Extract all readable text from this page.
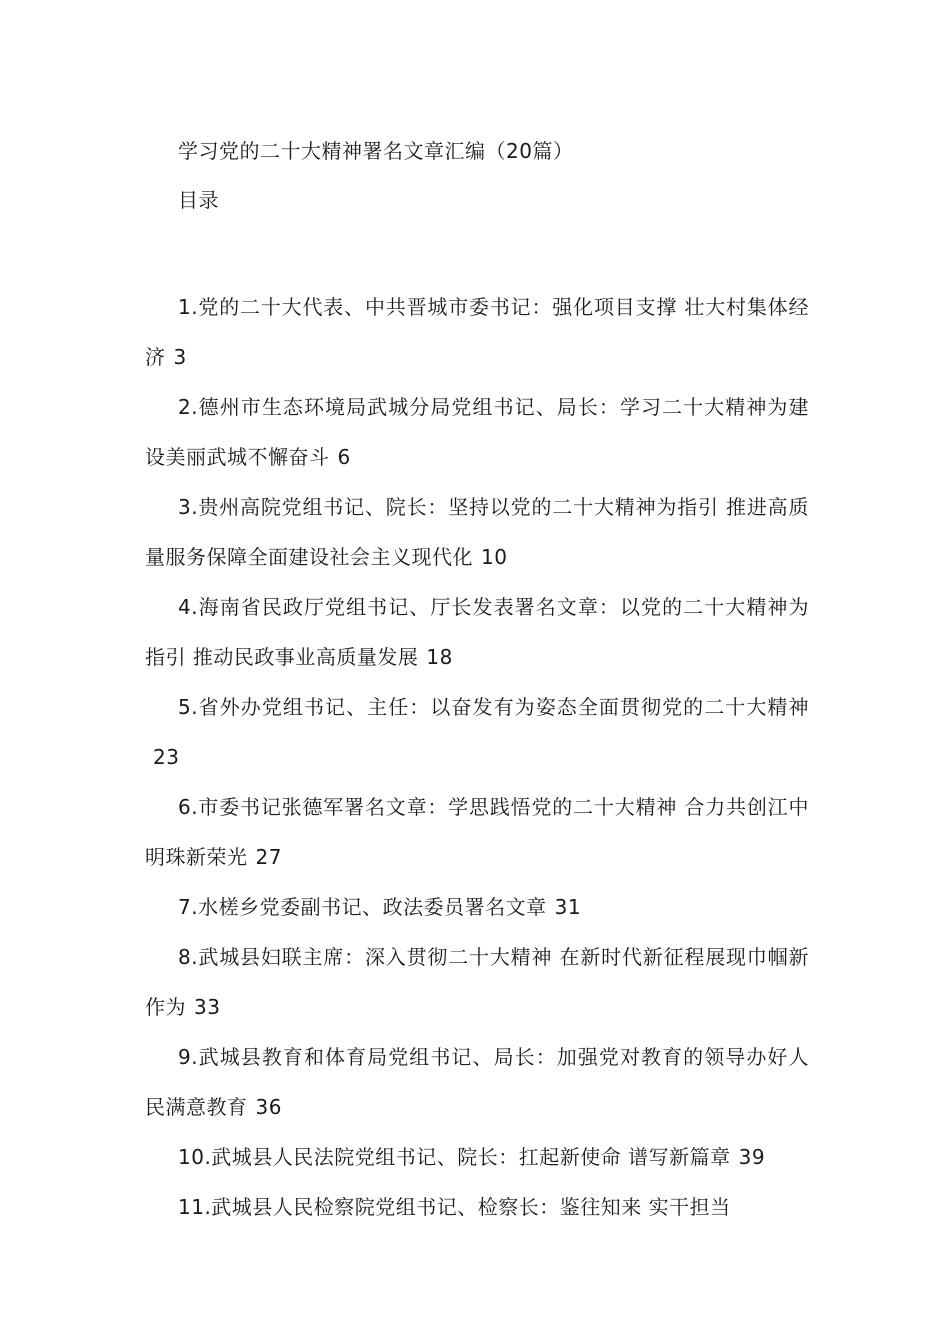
学习党的二十大精神署名文章汇编（20篇）
目录
1.党的二十大代表、中共晋城市委书记：强化项目支撑 壮大村集体经济 3
2.德州市生态环境局武城分局党组书记、局长：学习二十大精神为建设美丽武城不懈奋斗 6
3.贵州高院党组书记、院长：坚持以党的二十大精神为指引 推进高质量服务保障全面建设社会主义现代化 10
4.海南省民政厅党组书记、厅长发表署名文章：以党的二十大精神为指引 推动民政事业高质量发展 18
5.省外办党组书记、主任：以奋发有为姿态全面贯彻党的二十大精神23
6.市委书记张德军署名文章：学思践悟党的二十大精神 合力共创江中明珠新荣光 27
7.水槎乡党委副书记、政法委员署名文章 31
8.武城县妇联主席：深入贯彻二十大精神 在新时代新征程展现巾帼新作为 33
9.武城县教育和体育局党组书记、局长：加强党对教育的领导办好人民满意教育 36
10.武城县人民法院党组书记、院长：扛起新使命 谱写新篇章 39
11.武城县人民检察院党组书记、检察长：鉴往知来 实干担当
